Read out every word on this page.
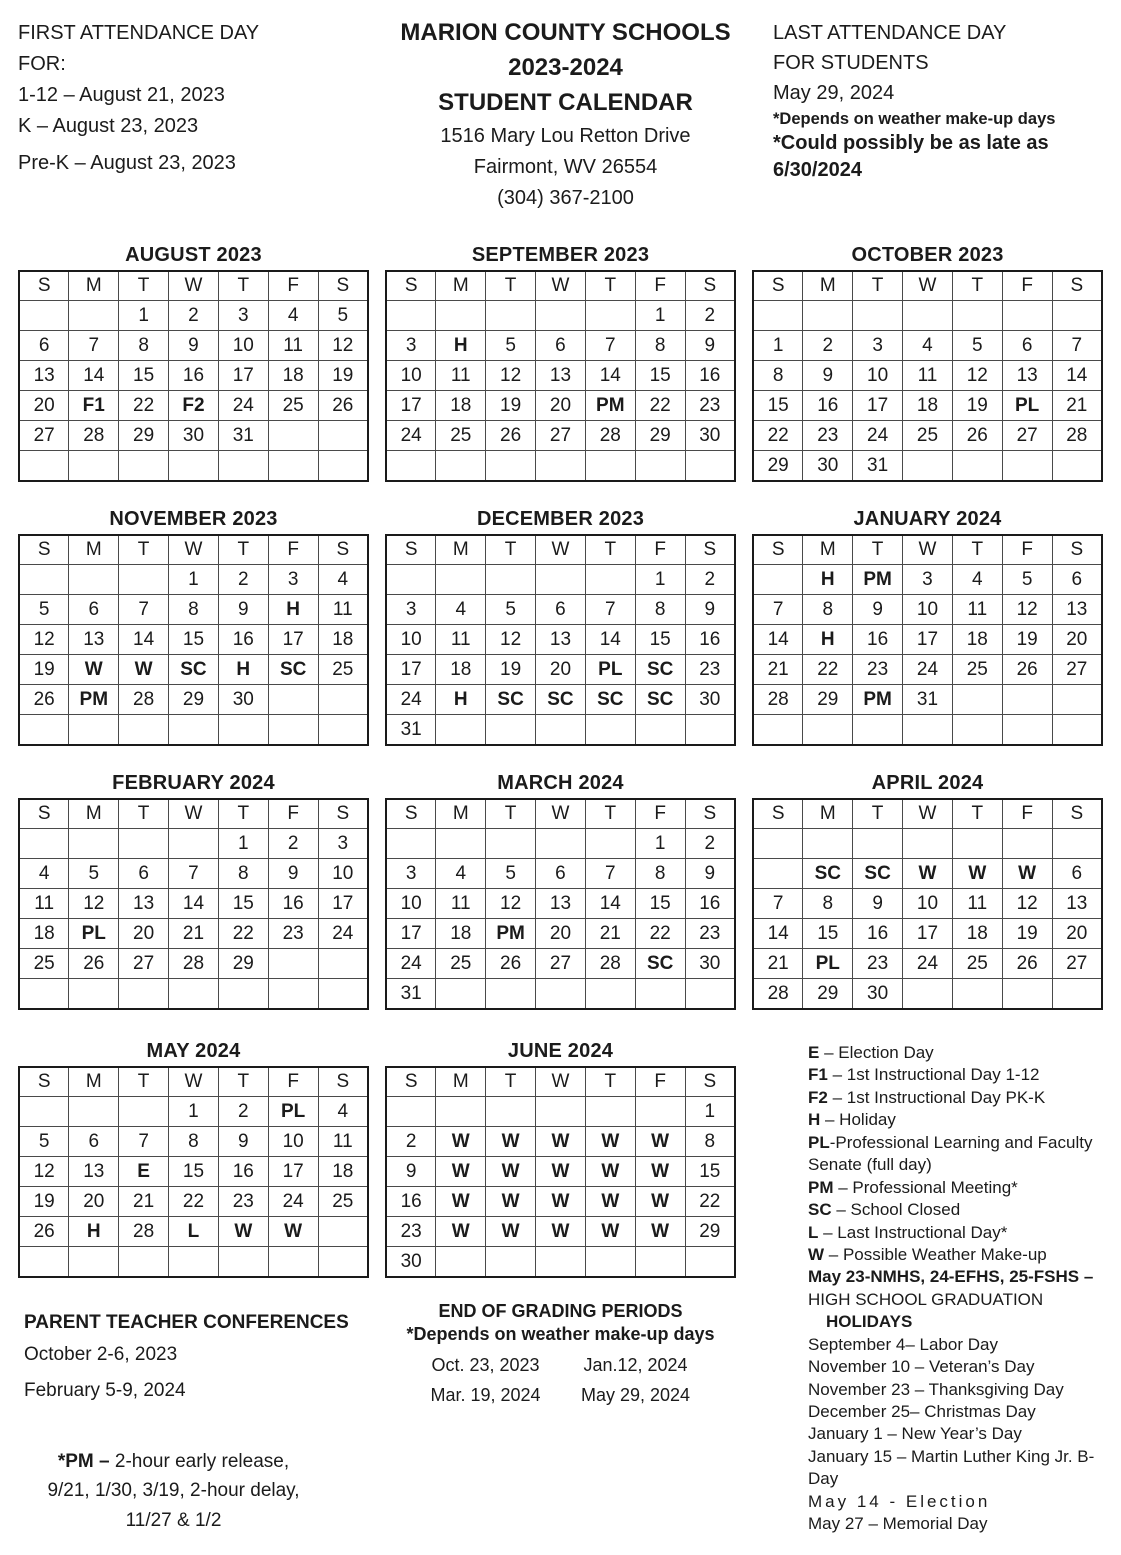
FIRST ATTENDANCE DAY
FOR:
1-12 – August 21, 2023
K – August 23, 2023
Pre-K – August 23, 2023
MARION COUNTY SCHOOLS
2023-2024
STUDENT CALENDAR
1516 Mary Lou Retton Drive
Fairmont, WV 26554
(304) 367-2100
LAST ATTENDANCE DAY
FOR STUDENTS
May 29, 2024
*Depends on weather make-up days
*Could possibly be as late as 6/30/2024
AUGUST 2023
S	M	T	W	T	F	S
		1	2	3	4	5
6	7	8	9	10	11	12
13	14	15	16	17	18	19
20	F1	22	F2	24	25	26
27	28	29	30	31		

SEPTEMBER 2023
S	M	T	W	T	F	S
					1	2
3	H	5	6	7	8	9
10	11	12	13	14	15	16
17	18	19	20	PM	22	23
24	25	26	27	28	29	30

OCTOBER 2023
S	M	T	W	T	F	S

1	2	3	4	5	6	7
8	9	10	11	12	13	14
15	16	17	18	19	PL	21
22	23	24	25	26	27	28
29	30	31				
NOVEMBER 2023
S	M	T	W	T	F	S
			1	2	3	4
5	6	7	8	9	H	11
12	13	14	15	16	17	18
19	W	W	SC	H	SC	25
26	PM	28	29	30		

DECEMBER 2023
S	M	T	W	T	F	S
					1	2
3	4	5	6	7	8	9
10	11	12	13	14	15	16
17	18	19	20	PL	SC	23
24	H	SC	SC	SC	SC	30
31						
JANUARY 2024
S	M	T	W	T	F	S
	H	PM	3	4	5	6
7	8	9	10	11	12	13
14	H	16	17	18	19	20
21	22	23	24	25	26	27
28	29	PM	31			

FEBRUARY 2024
S	M	T	W	T	F	S
				1	2	3
4	5	6	7	8	9	10
11	12	13	14	15	16	17
18	PL	20	21	22	23	24
25	26	27	28	29		

MARCH 2024
S	M	T	W	T	F	S
					1	2
3	4	5	6	7	8	9
10	11	12	13	14	15	16
17	18	PM	20	21	22	23
24	25	26	27	28	SC	30
31						
APRIL 2024
S	M	T	W	T	F	S

	SC	SC	W	W	W	6
7	8	9	10	11	12	13
14	15	16	17	18	19	20
21	PL	23	24	25	26	27
28	29	30				
MAY 2024
S	M	T	W	T	F	S
			1	2	PL	4
5	6	7	8	9	10	11
12	13	E	15	16	17	18
19	20	21	22	23	24	25
26	H	28	L	W	W	

PARENT TEACHER CONFERENCES
October 2-6, 2023
February 5-9, 2024
*PM – 2-hour early release,
9/21, 1/30, 3/19, 2-hour delay,
11/27 & 1/2
JUNE 2024
S	M	T	W	T	F	S
						1
2	W	W	W	W	W	8
9	W	W	W	W	W	15
16	W	W	W	W	W	22
23	W	W	W	W	W	29
30						
END OF GRADING PERIODS
*Depends on weather make-up days
Oct. 23, 2023	Jan.12, 2024
Mar. 19, 2024	May 29, 2024
E – Election Day
F1 – 1st Instructional Day 1-12
F2 – 1st Instructional Day PK-K
H – Holiday
PL-Professional Learning and Faculty Senate (full day)
PM – Professional Meeting*
SC – School Closed
L – Last Instructional Day*
W – Possible Weather Make-up
May 23-NMHS, 24-EFHS, 25-FSHS – HIGH SCHOOL GRADUATION
HOLIDAYS
September 4– Labor Day
November 10 – Veteran’s Day
November 23 – Thanksgiving Day
December 25– Christmas Day
January 1 – New Year’s Day
January 15 – Martin Luther King Jr. B-Day
May 14 - Election
May 27 – Memorial Day
